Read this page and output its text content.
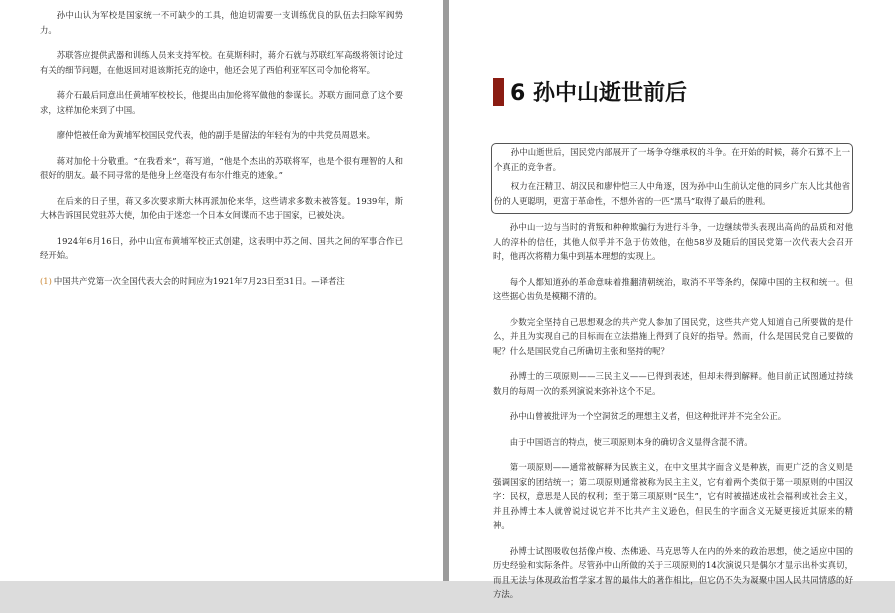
孙中山认为军校是国家统一不可缺少的工具，他迫切需要一支训练优良的队伍去扫除军阀势力。

苏联答应提供武器和训练人员来支持军校。在莫斯科时，蒋介石就与苏联红军高级将领讨论过有关的细节问题，在他返回对退该斯托克的途中，他还会见了西伯利亚军区司令加伦将军。

蒋介石最后同意出任黄埔军校校长，他提出由加伦将军做他的参谋长。苏联方面同意了这个要求，这样加伦来到了中国。

廖仲恺被任命为黄埔军校国民党代表，他的副手是留法的年轻有为的中共党员周恩来。

蒋对加伦十分敬重。“在我看来”，蒋写道，“他是个杰出的苏联将军，也是个很有理智的人和很好的朋友。最不同寻常的是他身上丝毫没有布尔什维克的迹象。”

在后来的日子里，蒋又多次要求斯大林再派加伦来华，这些请求多数未被答复。1939年，斯大林告诉国民党驻苏大使，加伦由于迷恋一个日本女间谍而不忠于国家，已被处决。

1924年6月16日，孙中山宣布黄埔军校正式创建，这表明中苏之间、国共之间的军事合作已经开始。

(1) 中国共产党第一次全国代表大会的时间应为1921年7月23日至31日。—译者注

6 孙中山逝世前后

孙中山逝世后，国民党内部展开了一场争夺继承权的斗争。在开始的时候，蒋介石算不上一个真正的竞争者。

权力在汪精卫、胡汉民和廖仲恺三人中角逐，因为孙中山生前认定他的同乡广东人比其他省份的人更聪明，更富于革命性，不想外省的一匹“黑马”取得了最后的胜利。

孙中山一边与当时的背叛和种种欺骗行为进行斗争，一边继续带头表现出高尚的品质和对他人的淳朴的信任，其他人似乎并不急于仿效他，在他58岁及随后的国民党第一次代表大会召开时，他再次将精力集中到基本理想的实现上。

每个人都知道孙的革命意味着推翻清朝统治，取消不平等条约，保障中国的主权和统一。但这些据心齿负是模糊不清的。

少数完全坚持自己思想观念的共产党人参加了国民党，这些共产党人知道自己所要做的是什么，并且为实现自己的目标而在立法措施上得到了良好的指导。然而，什么是国民党自己要做的呢？什么是国民党自己所确切主张和坚持的呢？

孙博士的三项原则——三民主义——已得到表述，但却未得到解释。他目前正试图通过持续数月的每周一次的系列演说来弥补这个不足。

孙中山曾被批评为一个空洞贫乏的理想主义者，但这种批评并不完全公正。

由于中国语言的特点，使三项原则本身的确切含义显得含混不清。

第一项原则——通常被解释为民族主义，在中文里其字面含义是种族，而更广泛的含义则是强调国家的团结统一；第二项原则通常被称为民主主义，它有着两个类似于第一项原则的中国汉字：民权，意思是人民的权利；至于第三项原则“民生”，它有时被描述成社会福利或社会主义，并且孙博士本人就曾说过说它并不比共产主义逊色，但民生的字面含义无疑更接近其原来的精神。

孙博士试图吸收包括像卢梭、杰佛逊、马克思等人在内的外来的政治思想，使之适应中国的历史经验和实际条件。尽管孙中山所做的关于三项原则的14次演说只是偶尔才显示出朴实真切，而且无法与体现政治哲学家才智的最伟大的著作相比，但它仍不失为凝聚中国人民共同情感的好方法。
